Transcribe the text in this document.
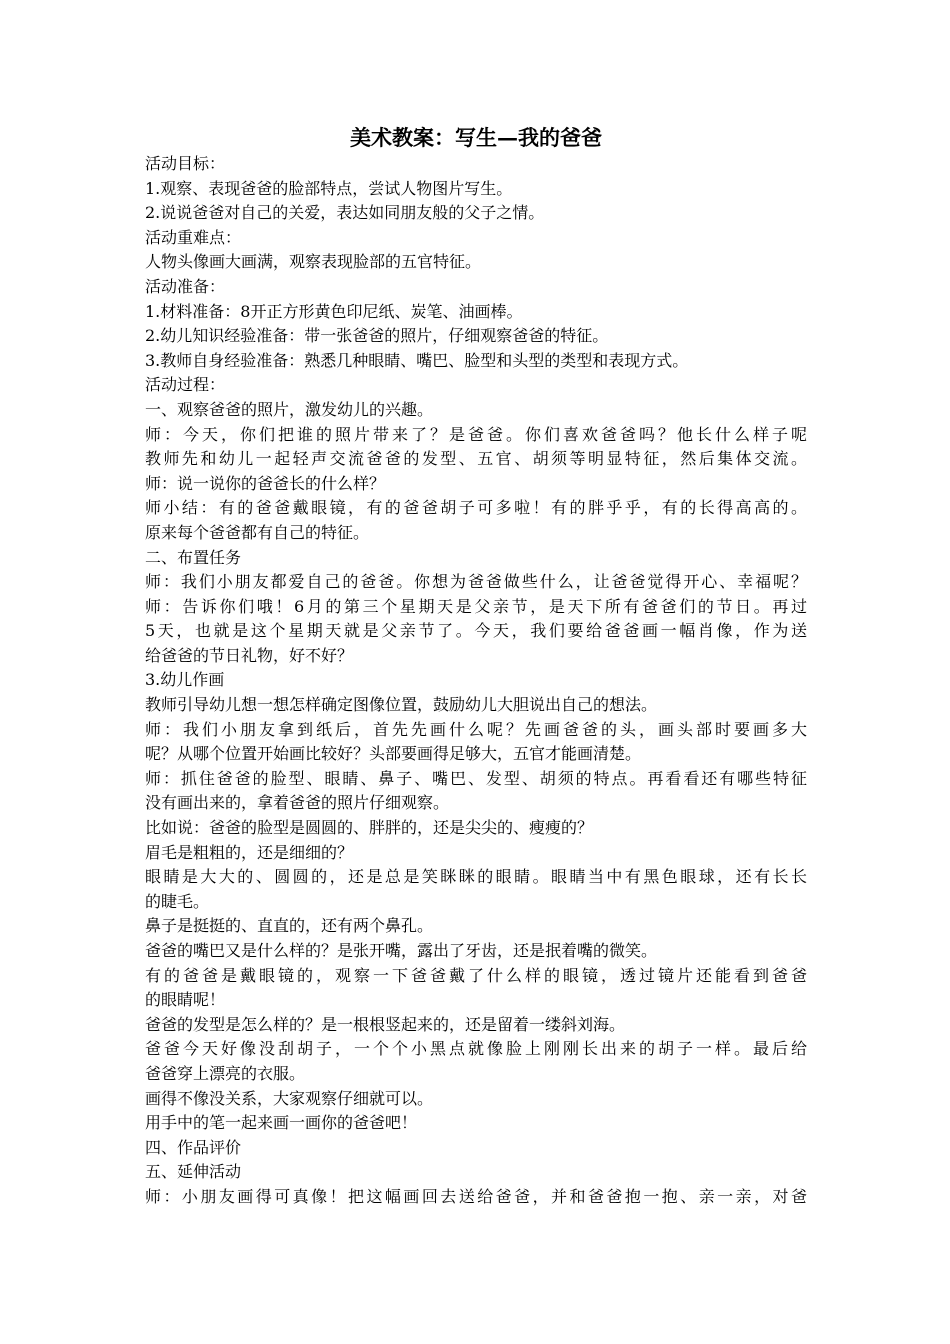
美术教案：写生—我的爸爸
活动目标：
1.观察、表现爸爸的脸部特点，尝试人物图片写生。
2.说说爸爸对自己的关爱，表达如同朋友般的父子之情。
活动重难点：
人物头像画大画满，观察表现脸部的五官特征。
活动准备：
1.材料准备：8开正方形黄色印尼纸、炭笔、油画棒。
2.幼儿知识经验准备：带一张爸爸的照片，仔细观察爸爸的特征。
3.教师自身经验准备：熟悉几种眼睛、嘴巴、脸型和头型的类型和表现方式。
活动过程：
一、观察爸爸的照片，激发幼儿的兴趣。
师：今天，你们把谁的照片带来了？是爸爸。你们喜欢爸爸吗？他长什么样子呢
教师先和幼儿一起轻声交流爸爸的发型、五官、胡须等明显特征，然后集体交流。
师：说一说你的爸爸长的什么样？
师小结：有的爸爸戴眼镜，有的爸爸胡子可多啦！有的胖乎乎，有的长得高高的。
原来每个爸爸都有自己的特征。
二、布置任务
师：我们小朋友都爱自己的爸爸。你想为爸爸做些什么，让爸爸觉得开心、幸福呢？
师：告诉你们哦！6月的第三个星期天是父亲节，是天下所有爸爸们的节日。再过
5天，也就是这个星期天就是父亲节了。今天，我们要给爸爸画一幅肖像，作为送
给爸爸的节日礼物，好不好？
3.幼儿作画
教师引导幼儿想一想怎样确定图像位置，鼓励幼儿大胆说出自己的想法。
师：我们小朋友拿到纸后，首先先画什么呢？先画爸爸的头，画头部时要画多大
呢？从哪个位置开始画比较好？头部要画得足够大，五官才能画清楚。
师：抓住爸爸的脸型、眼睛、鼻子、嘴巴、发型、胡须的特点。再看看还有哪些特征
没有画出来的，拿着爸爸的照片仔细观察。
比如说：爸爸的脸型是圆圆的、胖胖的，还是尖尖的、瘦瘦的？
眉毛是粗粗的，还是细细的？
眼睛是大大的、圆圆的，还是总是笑眯眯的眼睛。眼睛当中有黑色眼球，还有长长
的睫毛。
鼻子是挺挺的、直直的，还有两个鼻孔。
爸爸的嘴巴又是什么样的？是张开嘴，露出了牙齿，还是抿着嘴的微笑。
有的爸爸是戴眼镜的，观察一下爸爸戴了什么样的眼镜，透过镜片还能看到爸爸
的眼睛呢！
爸爸的发型是怎么样的？是一根根竖起来的，还是留着一缕斜刘海。
爸爸今天好像没刮胡子，一个个小黑点就像脸上刚刚长出来的胡子一样。最后给
爸爸穿上漂亮的衣服。
画得不像没关系，大家观察仔细就可以。
用手中的笔一起来画一画你的爸爸吧！
四、作品评价
五、延伸活动
师：小朋友画得可真像！把这幅画回去送给爸爸，并和爸爸抱一抱、亲一亲，对爸
